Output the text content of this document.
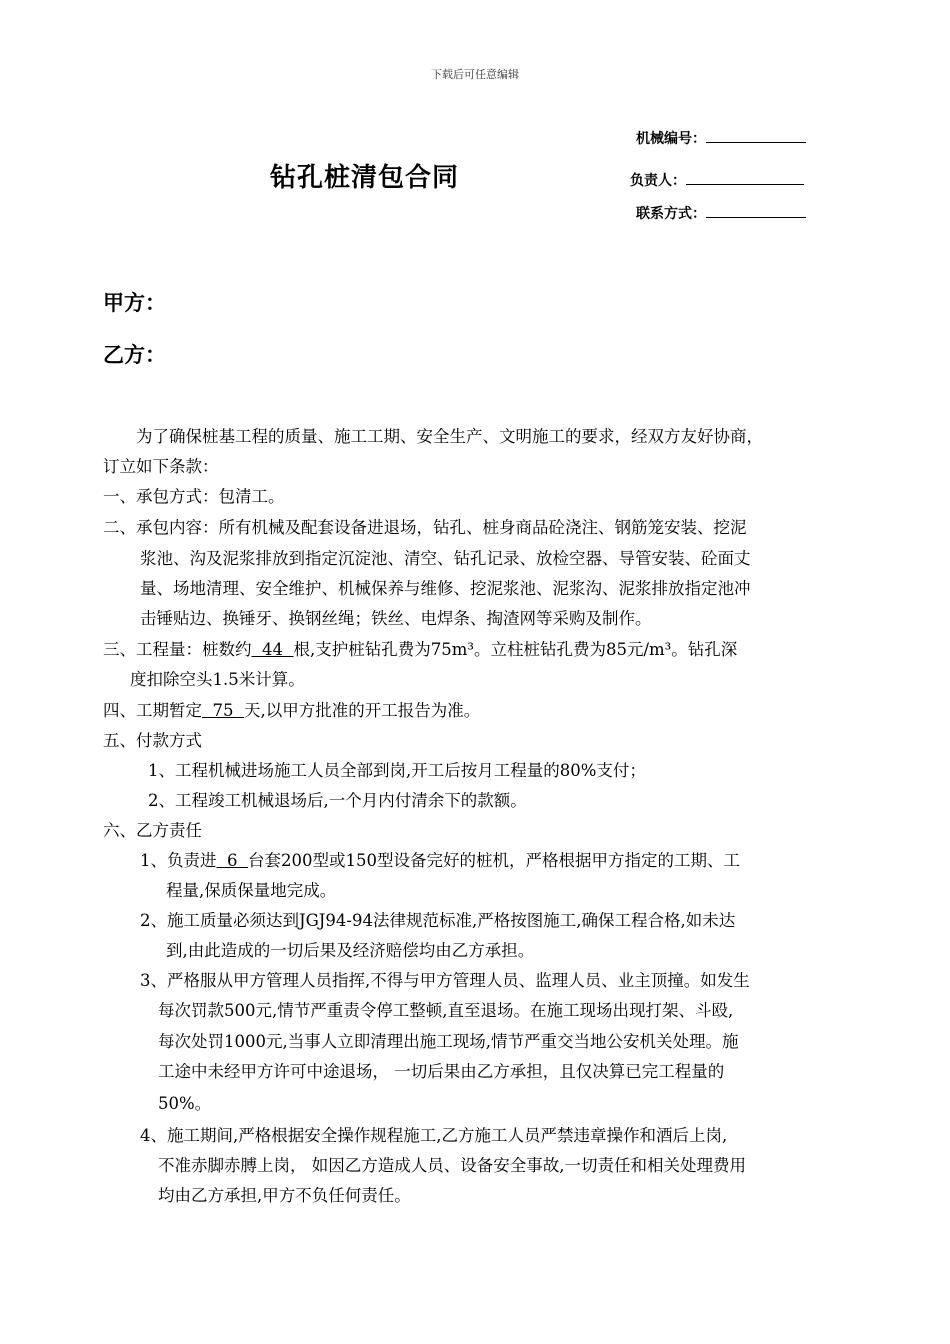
下载后可任意编辑
钻孔桩清包合同
机械编号：
负责人：
联系方式：
甲方：
乙方：
为了确保桩基工程的质量、施工工期、安全生产、文明施工的要求，经双方友好协商，
订立如下条款：
一、承包方式：包清工。
二、承包内容：所有机械及配套设备进退场，钻孔、桩身商品砼浇注、钢筋笼安装、挖泥
浆池、沟及泥浆排放到指定沉淀池、清空、钻孔记录、放检空器、导管安装、砼面丈
量、场地清理、安全维护、机械保养与维修、挖泥浆池、泥浆沟、泥浆排放指定池冲
击锤贴边、换锤牙、换钢丝绳；铁丝、电焊条、掏渣网等采购及制作。
三、工程量：桩数约  44  根,支护桩钻孔费为75m³。立柱桩钻孔费为85元/m³。钻孔深
度扣除空头1.5米计算。
四、工期暂定  75  天,以甲方批准的开工报告为准。
五、付款方式
1、工程机械进场施工人员全部到岗,开工后按月工程量的80%支付；
2、工程竣工机械退场后,一个月内付清余下的款额。
六、乙方责任
1、负责进  6  台套200型或150型设备完好的桩机，严格根据甲方指定的工期、工
程量,保质保量地完成。
2、施工质量必须达到JGJ94-94法律规范标准,严格按图施工,确保工程合格,如未达
到,由此造成的一切后果及经济赔偿均由乙方承担。
3、严格服从甲方管理人员指挥,不得与甲方管理人员、监理人员、业主顶撞。如发生
每次罚款500元,情节严重责令停工整顿,直至退场。在施工现场出现打架、斗殴,
每次处罚1000元,当事人立即清理出施工现场,情节严重交当地公安机关处理。施
工途中未经甲方许可中途退场， 一切后果由乙方承担，且仅决算已完工程量的
50%。
4、施工期间,严格根据安全操作规程施工,乙方施工人员严禁违章操作和酒后上岗,
不准赤脚赤膊上岗， 如因乙方造成人员、设备安全事故,一切责任和相关处理费用
均由乙方承担,甲方不负任何责任。
